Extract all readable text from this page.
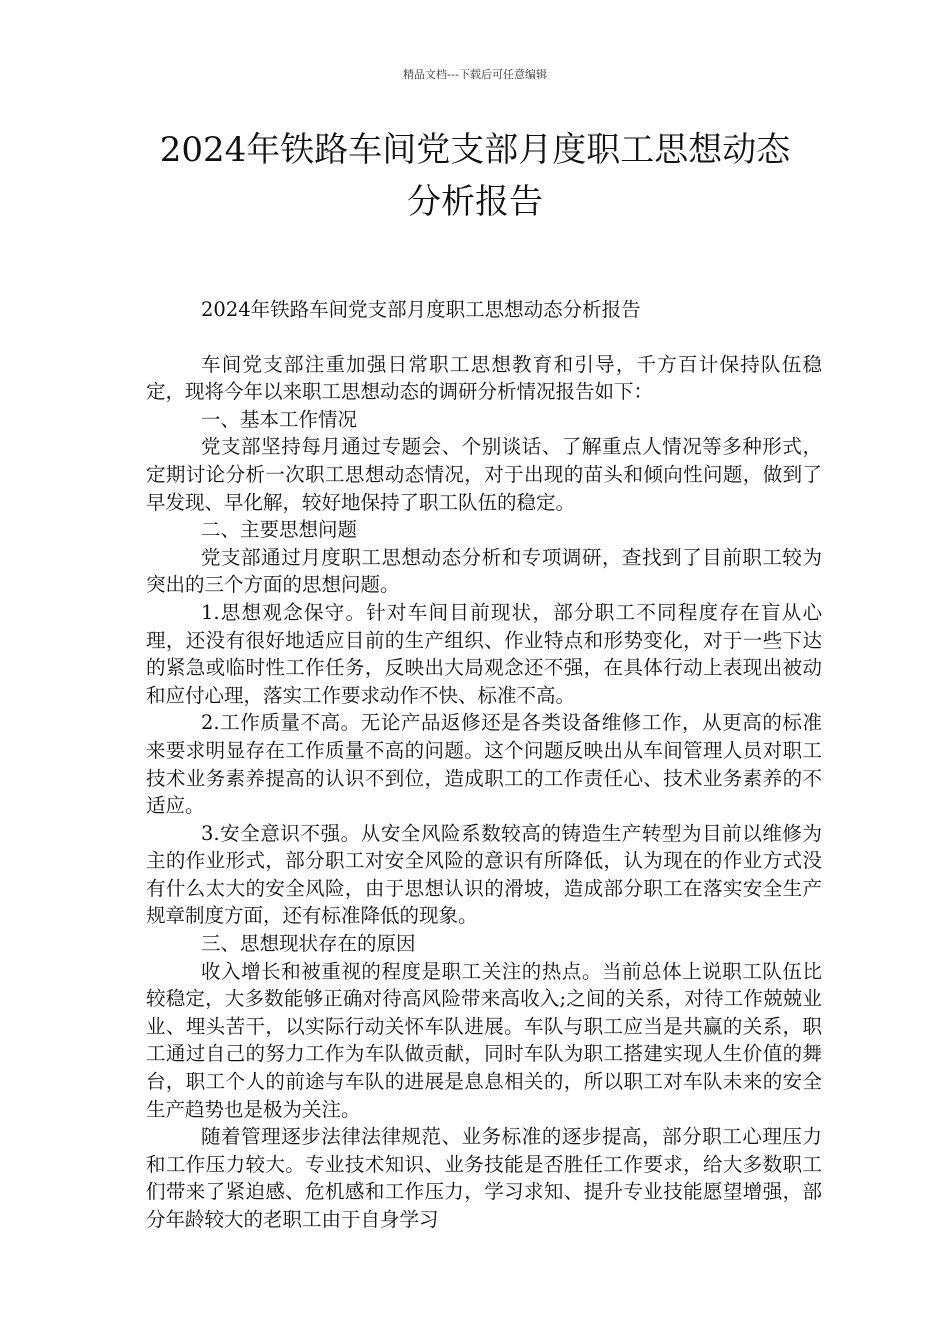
精品文档---下载后可任意编辑
2024年铁路车间党支部月度职工思想动态
分析报告

2024年铁路车间党支部月度职工思想动态分析报告

车间党支部注重加强日常职工思想教育和引导，千方百计保持队伍稳定，现将今年以来职工思想动态的调研分析情况报告如下：

一、基本工作情况

党支部坚持每月通过专题会、个别谈话、了解重点人情况等多种形式，定期讨论分析一次职工思想动态情况，对于出现的苗头和倾向性问题，做到了早发现、早化解，较好地保持了职工队伍的稳定。

二、主要思想问题

党支部通过月度职工思想动态分析和专项调研，查找到了目前职工较为突出的三个方面的思想问题。

1.思想观念保守。针对车间目前现状，部分职工不同程度存在盲从心理，还没有很好地适应目前的生产组织、作业特点和形势变化，对于一些下达的紧急或临时性工作任务，反映出大局观念还不强，在具体行动上表现出被动和应付心理，落实工作要求动作不快、标准不高。

2.工作质量不高。无论产品返修还是各类设备维修工作，从更高的标准来要求明显存在工作质量不高的问题。这个问题反映出从车间管理人员对职工技术业务素养提高的认识不到位，造成职工的工作责任心、技术业务素养的不适应。

3.安全意识不强。从安全风险系数较高的铸造生产转型为目前以维修为主的作业形式，部分职工对安全风险的意识有所降低，认为现在的作业方式没有什么太大的安全风险，由于思想认识的滑坡，造成部分职工在落实安全生产规章制度方面，还有标准降低的现象。

三、思想现状存在的原因

收入增长和被重视的程度是职工关注的热点。当前总体上说职工队伍比较稳定，大多数能够正确对待高风险带来高收入;之间的关系，对待工作兢兢业业、埋头苦干，以实际行动关怀车队进展。车队与职工应当是共赢的关系，职工通过自己的努力工作为车队做贡献，同时车队为职工搭建实现人生价值的舞台，职工个人的前途与车队的进展是息息相关的，所以职工对车队未来的安全生产趋势也是极为关注。

随着管理逐步法律法律规范、业务标准的逐步提高，部分职工心理压力和工作压力较大。专业技术知识、业务技能是否胜任工作要求，给大多数职工们带来了紧迫感、危机感和工作压力，学习求知、提升专业技能愿望增强，部分年龄较大的老职工由于自身学习
